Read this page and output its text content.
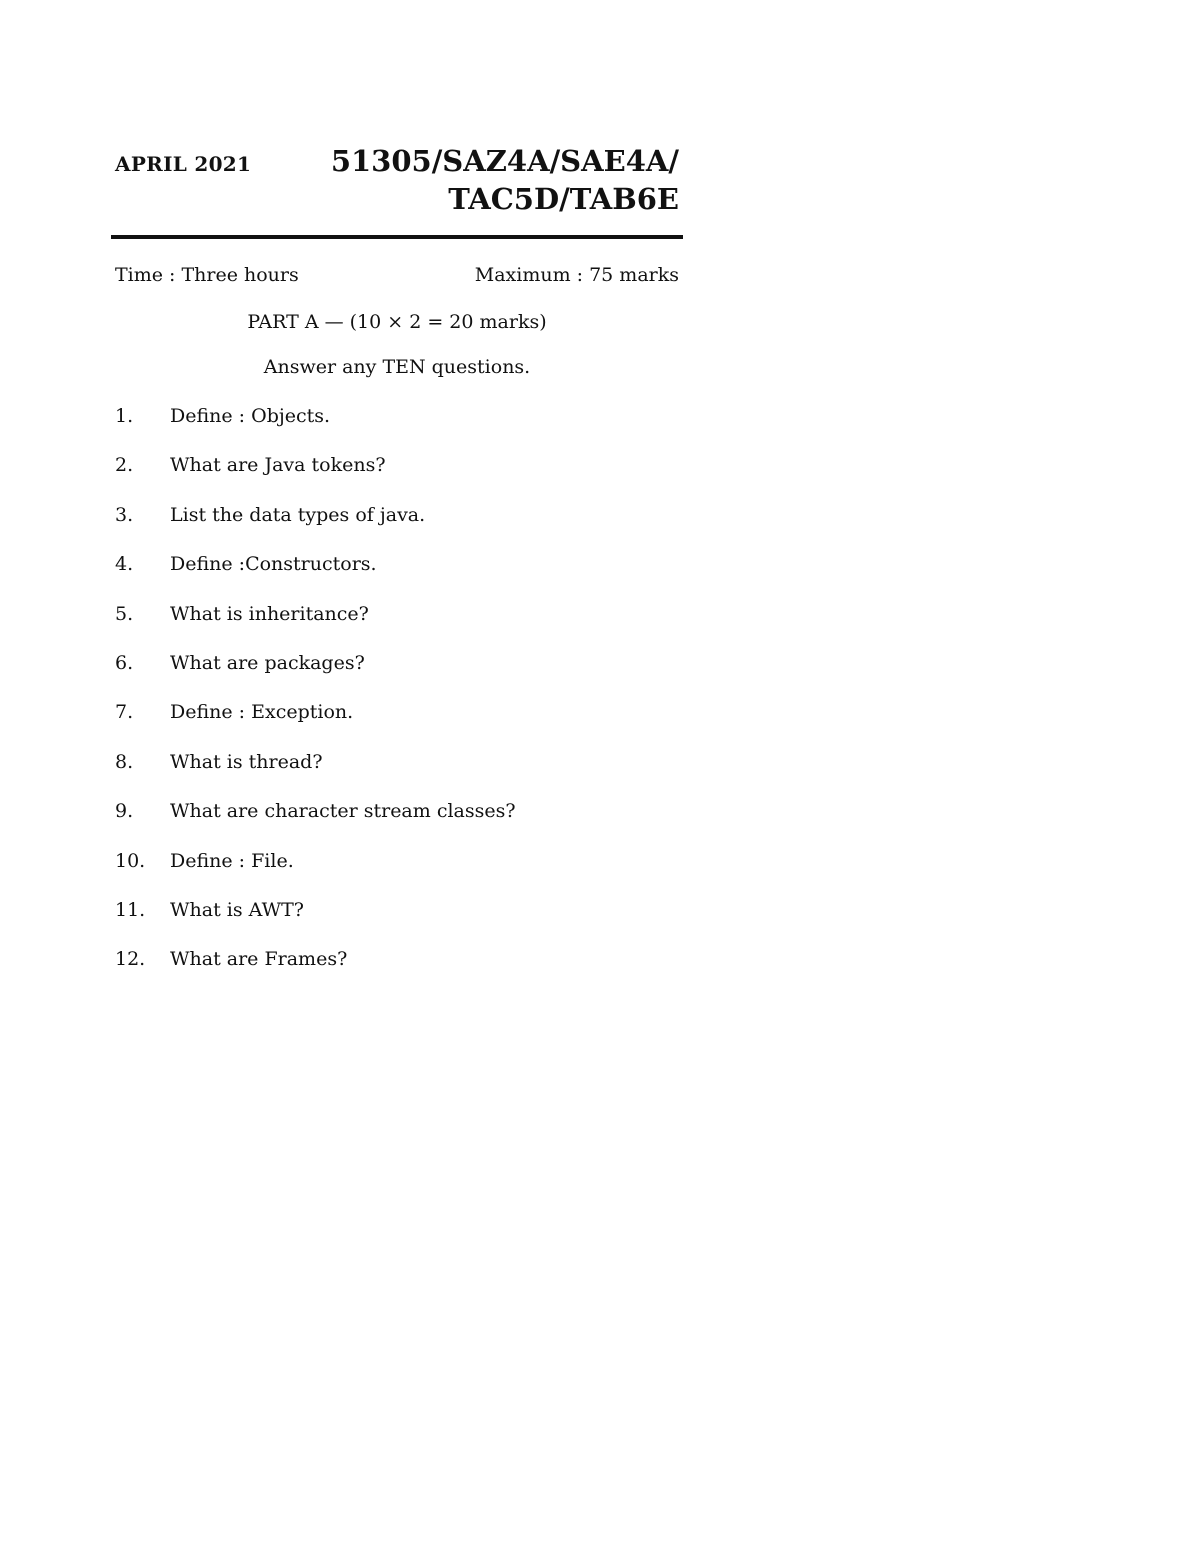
APRIL 2021	51305/SAZ4A/SAE4A/
TAC5D/TAB6E
Time : Three hours	Maximum : 75 marks
PART A — (10 × 2 = 20 marks)
Answer any TEN questions.
1. Define : Objects.
2. What are Java tokens?
3. List the data types of java.
4. Define :Constructors.
5. What is inheritance?
6. What are packages?
7. Define : Exception.
8. What is thread?
9. What are character stream classes?
10. Define : File.
11. What is AWT?
12. What are Frames?
